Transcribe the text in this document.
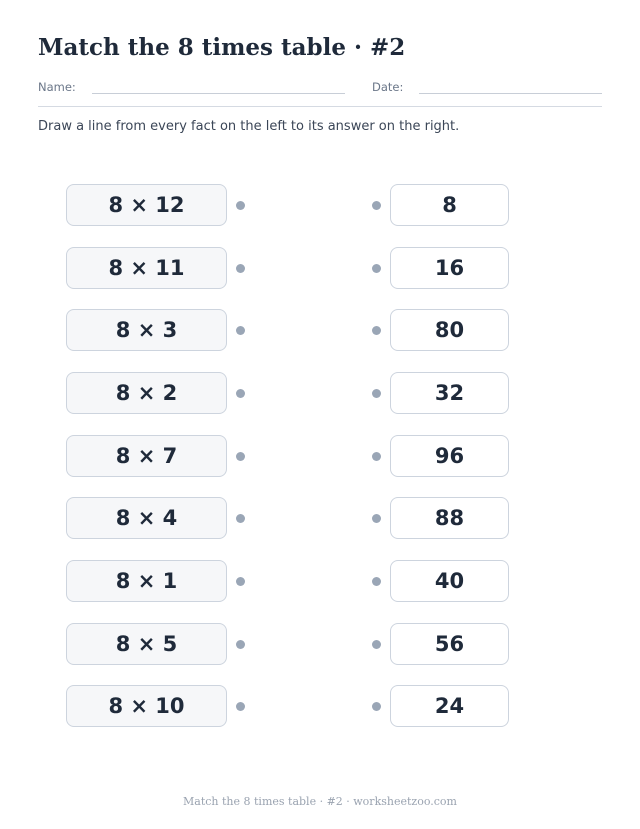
Match the 8 times table · #2
Name:	Date:

Draw a line from every fact on the left to its answer on the right.

8 × 12	8
8 × 11	16
8 × 3	80
8 × 2	32
8 × 7	96
8 × 4	88
8 × 1	40
8 × 5	56
8 × 10	24
Match the 8 times table · #2 · worksheetzoo.com
